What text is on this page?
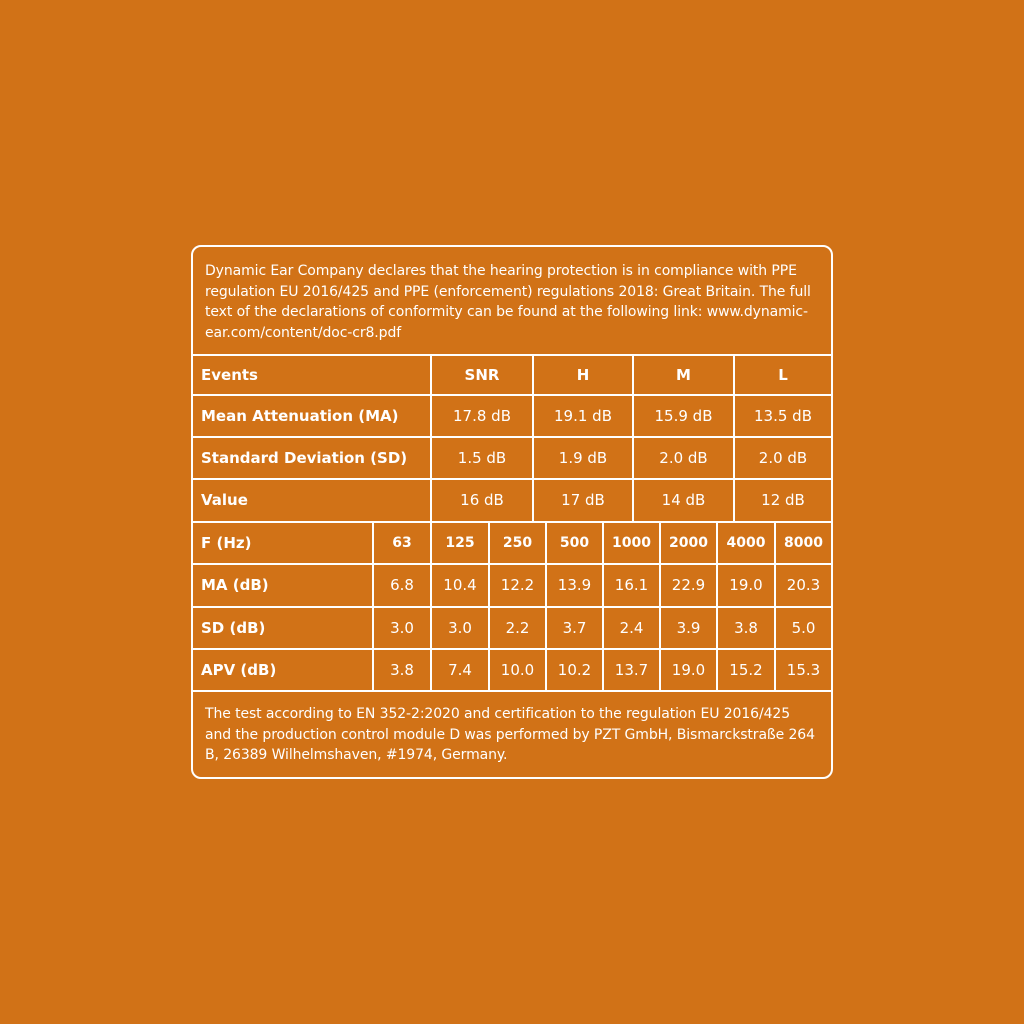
Dynamic Ear Company declares that the hearing protection is in compliance with PPE regulation EU 2016/425 and PPE (enforcement) regulations 2018: Great Britain. The full text of the declarations of conformity can be found at the following link: www.dynamic-ear.com/content/doc-cr8.pdf
Events	SNR	H	M	L
Mean Attenuation (MA)	17.8 dB	19.1 dB	15.9 dB	13.5 dB
Standard Deviation (SD)	1.5 dB	1.9 dB	2.0 dB	2.0 dB
Value	16 dB	17 dB	14 dB	12 dB
F (Hz)	63	125	250	500	1000	2000	4000	8000
MA (dB)	6.8	10.4	12.2	13.9	16.1	22.9	19.0	20.3
SD (dB)	3.0	3.0	2.2	3.7	2.4	3.9	3.8	5.0
APV (dB)	3.8	7.4	10.0	10.2	13.7	19.0	15.2	15.3
The test according to EN 352-2:2020 and certification to the regulation EU 2016/425 and the production control module D was performed by PZT GmbH, Bismarckstraße 264 B, 26389 Wilhelmshaven, #1974, Germany.
